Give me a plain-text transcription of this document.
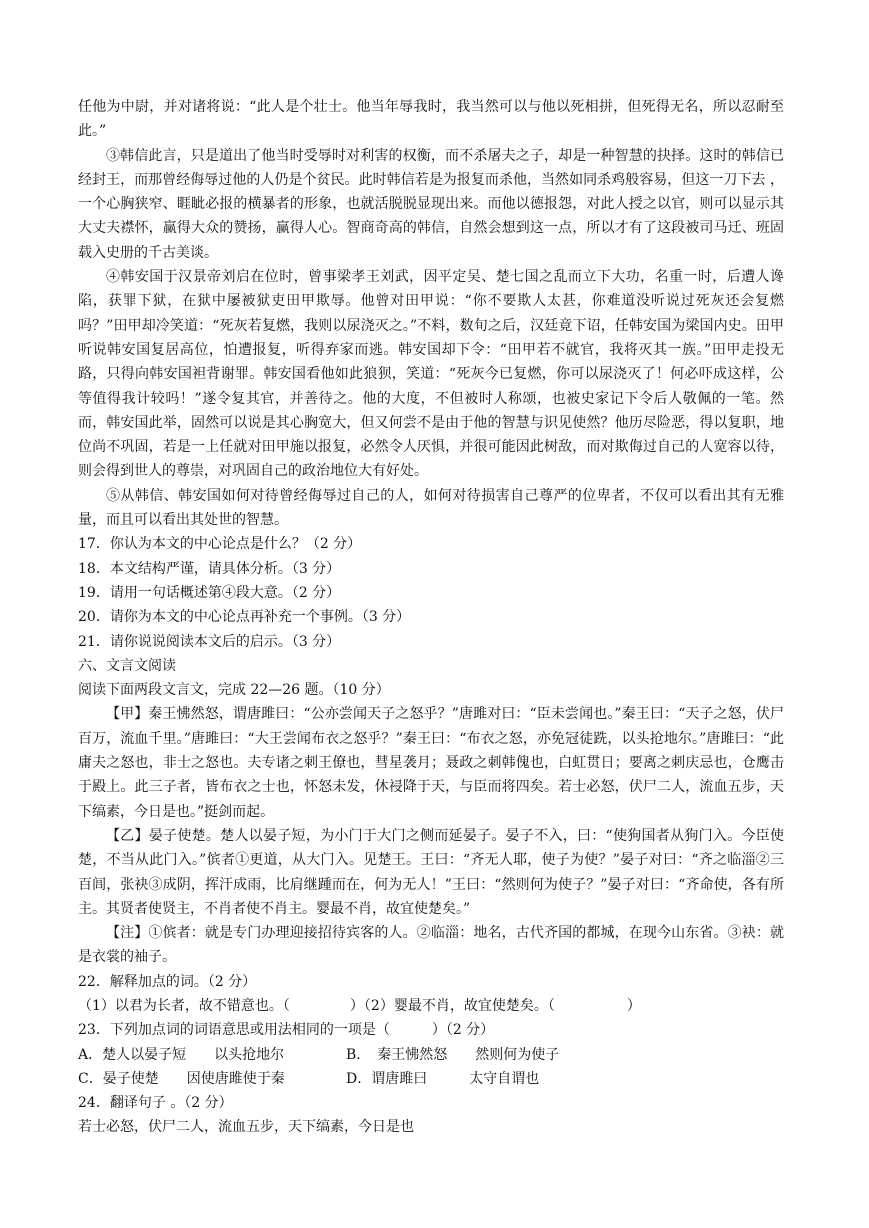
任他为中尉，并对诸将说：“此人是个壮士。他当年辱我时，我当然可以与他以死相拼，但死得无名，所以忍耐至此。”

③韩信此言，只是道出了他当时受辱时对利害的权衡，而不杀屠夫之子，却是一种智慧的抉择。这时的韩信已经封王，而那曾经侮辱过他的人仍是个贫民。此时韩信若是为报复而杀他，当然如同杀鸡般容易，但这一刀下去 ，一个心胸狭窄、睚眦必报的横暴者的形象，也就活脱脱显现出来。而他以德报怨，对此人授之以官，则可以显示其大丈夫襟怀，赢得大众的赞扬，赢得人心。智商奇高的韩信，自然会想到这一点，所以才有了这段被司马迁、班固载入史册的千古美谈。

④韩安国于汉景帝刘启在位时，曾事梁孝王刘武，因平定吴、楚七国之乱而立下大功，名重一时，后遭人谗陷，获罪下狱，在狱中屡被狱吏田甲欺辱。他曾对田甲说：“你不要欺人太甚，你难道没听说过死灰还会复燃吗？”田甲却冷笑道：“死灰若复燃，我则以尿浇灭之。”不料，数旬之后，汉廷竟下诏，任韩安国为梁国内史。田甲听说韩安国复居高位，怕遭报复，听得弃家而逃。韩安国却下令：“田甲若不就官，我将灭其一族。”田甲走投无路，只得向韩安国袒背谢罪。韩安国看他如此狼狈，笑道：“死灰今已复燃，你可以尿浇灭了！何必吓成这样，公等值得我计较吗！”遂令复其官，并善待之。他的大度，不但被时人称颂，也被史家记下令后人敬佩的一笔。然而，韩安国此举，固然可以说是其心胸宽大，但又何尝不是由于他的智慧与识见使然？他历尽险恶，得以复职，地位尚不巩固，若是一上任就对田甲施以报复，必然令人厌惧，并很可能因此树敌，而对欺侮过自己的人宽容以待，则会得到世人的尊崇，对巩固自己的政治地位大有好处。

⑤从韩信、韩安国如何对待曾经侮辱过自己的人，如何对待损害自己尊严的位卑者，不仅可以看出其有无雅量，而且可以看出其处世的智慧。

17．你认为本文的中心论点是什么？（2 分）

18．本文结构严谨，请具体分析。（3 分）

19．请用一句话概述第④段大意。（2 分）

20．请你为本文的中心论点再补充一个事例。（3 分）

21．请你说说阅读本文后的启示。（3 分）

六、文言文阅读

阅读下面两段文言文，完成 22—26 题。（10 分）

【甲】秦王怫然怒，谓唐雎曰：“公亦尝闻天子之怒乎？”唐雎对曰：“臣未尝闻也。”秦王曰：“天子之怒，伏尸百万，流血千里。”唐雎曰：“大王尝闻布衣之怒乎？”秦王曰：“布衣之怒，亦免冠徒跣，以头抢地尔。”唐雎曰：“此庸夫之怒也，非士之怒也。夫专诸之刺王僚也，彗星袭月；聂政之刺韩傀也，白虹贯日；要离之刺庆忌也，仓鹰击于殿上。此三子者，皆布衣之士也，怀怒未发，休祲降于天，与臣而将四矣。若士必怒，伏尸二人，流血五步，天下缟素，今日是也。”挺剑而起。

【乙】晏子使楚。楚人以晏子短，为小门于大门之侧而延晏子。晏子不入，曰：“使狗国者从狗门入。今臣使楚，不当从此门入。”傧者①更道，从大门入。见楚王。王曰：“齐无人耶，使子为使？”晏子对曰：“齐之临淄②三百闾，张袂③成阴，挥汗成雨，比肩继踵而在，何为无人！”王曰：“然则何为使子？”晏子对曰：“齐命使，各有所主。其贤者使贤主，不肖者使不肖主。婴最不肖，故宜使楚矣。”

【注】①傧者：就是专门办理迎接招待宾客的人。②临淄：地名，古代齐国的都城，在现今山东省。③袂：就是衣裳的袖子。

22．解释加点的词。（2 分）

（1）以君为长者，故不错意也。（	）（2）婴最不肖，故宜使楚矣。（	）

23．下列加点词的词语意思或用法相同的一项是（　　　）（2 分）

A．楚人以晏子短　　以头抢地尔	B．　秦王怫然怒　　然则何为使子
C．晏子使楚　　因使唐雎使于秦	D．谓唐雎曰　　　太守自谓也

24．翻译句子 。（2 分）

若士必怒，伏尸二人，流血五步，天下缟素，今日是也
